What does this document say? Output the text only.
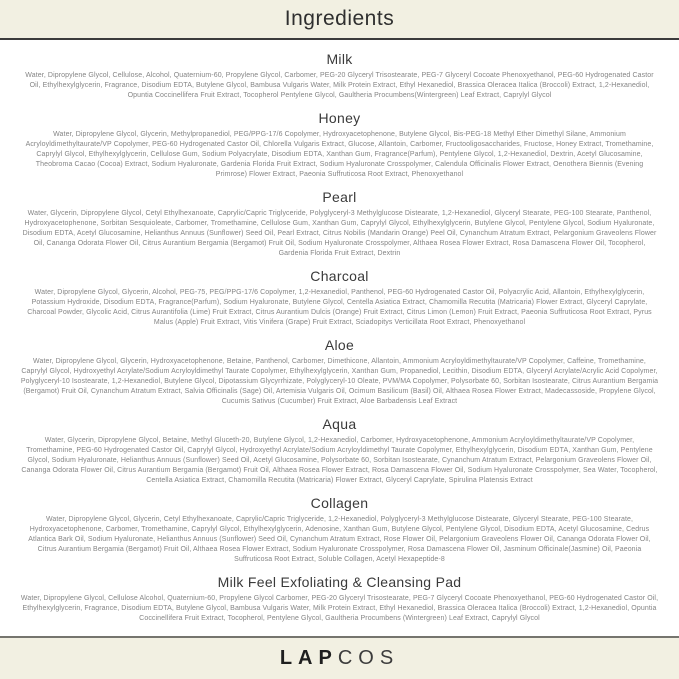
Ingredients
Milk

Water, Dipropylene Glycol, Cellulose, Alcohol, Quaternium-60, Propylene Glycol, Carbomer, PEG-20 Glyceryl Trisostearate, PEG-7 Glyceryl Cocoate Phenoxyethanol, PEG-60 Hydrogenated Castor Oil, Ethylhexylglycerin, Fragrance, Disodium EDTA, Butylene Glycol, Bambusa Vulgaris Water, Milk Protein Extract, Ethyl Hexanediol, Brassica Oleracea Italica (Broccoli) Extract, 1,2-Hexanediol, Opuntia Coccinellifera Fruit Extract, Tocopherol Pentylene Glycol, Gaultheria Procumbens(Wintergreen) Leaf Extract, Caprylyl Glycol

Honey

Water, Dipropylene Glycol, Glycerin, Methylpropanediol, PEG/PPG-17/6 Copolymer, Hydroxyacetophenone, Butylene Glycol, Bis-PEG-18 Methyl Ether Dimethyl Silane, Ammonium Acryloyldimethyltaurate/VP Copolymer, PEG-60 Hydrogenated Castor Oil, Chlorella Vulgaris Extract, Glucose, Allantoin, Carbomer, Fructooligosaccharides, Fructose, Honey Extract, Tromethamine, Caprylyl Glycol, Ethylhexylglycerin, Cellulose Gum, Sodium Polyacrylate, Disodium EDTA, Xanthan Gum, Fragrance(Parfum), Pentylene Glycol, 1,2-Hexanediol, Dextrin, Acetyl Glucosamine, Theobroma Cacao (Cocoa) Extract, Sodium Hyaluronate, Gardenia Florida Fruit Extract, Sodium Hyaluronate Crosspolymer, Calendula Officinalis Flower Extract, Oenothera Biennis (Evening Primrose) Flower Extract, Paeonia Suffruticosa Root Extract, Phenoxyethanol

Pearl

Water, Glycerin, Dipropylene Glycol, Cetyl Ethylhexanoate, Caprylic/Capric Triglyceride, Polyglyceryl-3 Methylglucose Distearate, 1,2-Hexanediol, Glyceryl Stearate, PEG-100 Stearate, Panthenol, Hydroxyacetophenone, Sorbitan Sesquioleate, Carbomer, Tromethamine, Cellulose Gum, Xanthan Gum, Caprylyl Glycol, Ethylhexylglycerin, Butylene Glycol, Pentylene Glycol, Sodium Hyaluronate, Disodium EDTA, Acetyl Glucosamine, Helianthus Annuus (Sunflower) Seed Oil, Pearl Extract, Citrus Nobilis (Mandarin Orange) Peel Oil, Cynanchum Atratum Extract, Pelargonium Graveolens Flower Oil, Cananga Odorata Flower Oil, Citrus Aurantium Bergamia (Bergamot) Fruit Oil, Sodium Hyaluronate Crosspolymer, Althaea Rosea Flower Extract, Rosa Damascena Flower Oil, Tocopherol, Gardenia Florida Fruit Extract, Dextrin

Charcoal

Water, Dipropylene Glycol, Glycerin, Alcohol, PEG-75, PEG/PPG-17/6 Copolymer, 1,2-Hexanediol, Panthenol, PEG-60 Hydrogenated Castor Oil, Polyacrylic Acid, Allantoin, Ethylhexylglycerin, Potassium Hydroxide, Disodium EDTA, Fragrance(Parfum), Sodium Hyaluronate, Butylene Glycol, Centella Asiatica Extract, Chamomilla Recutita (Matricaria) Flower Extract, Glyceryl Caprylate, Charcoal Powder, Glycolic Acid, Citrus Aurantifolia (Lime) Fruit Extract, Citrus Aurantium Dulcis (Orange) Fruit Extract, Citrus Limon (Lemon) Fruit Extract, Paeonia Suffruticosa Root Extract, Pyrus Malus (Apple) Fruit Extract, Vitis Vinifera (Grape) Fruit Extract, Sciadopitys Verticillata Root Extract, Phenoxyethanol

Aloe

Water, Dipropylene Glycol, Glycerin, Hydroxyacetophenone, Betaine, Panthenol, Carbomer, Dimethicone, Allantoin, Ammonium Acryloyldimethyltaurate/VP Copolymer, Caffeine, Tromethamine, Caprylyl Glycol, Hydroxyethyl Acrylate/Sodium Acryloyldimethyl Taurate Copolymer, Ethylhexylglycerin, Xanthan Gum, Propanediol, Lecithin, Disodium EDTA, Glyceryl Acrylate/Acrylic Acid Copolymer, Polyglyceryl-10 Isostearate, 1,2-Hexanediol, Butylene Glycol, Dipotassium Glycyrrhizate, Polyglyceryl-10 Oleate, PVM/MA Copolymer, Polysorbate 60, Sorbitan Isostearate, Citrus Aurantium Bergamia (Bergamot) Fruit Oil, Cynanchum Atratum Extract, Salvia Officinalis (Sage) Oil, Artemisia Vulgaris Oil, Ocimum Basilicum (Basil) Oil, Althaea Rosea Flower Extract, Madecassoside, Propylene Glycol, Cucumis Sativus (Cucumber) Fruit Extract, Aloe Barbadensis Leaf Extract

Aqua

Water, Glycerin, Dipropylene Glycol, Betaine, Methyl Gluceth-20, Butylene Glycol, 1,2-Hexanediol, Carbomer, Hydroxyacetophenone, Ammonium Acryloyldimethyltaurate/VP Copolymer, Tromethamine, PEG-60 Hydrogenated Castor Oil, Caprylyl Glycol, Hydroxyethyl Acrylate/Sodium Acryloyldimethyl Taurate Copolymer, Ethylhexylglycerin, Disodium EDTA, Xanthan Gum, Pentylene Glycol, Sodium Hyaluronate, Helianthus Annuus (Sunflower) Seed Oil, Acetyl Glucosamine, Polysorbate 60, Sorbitan Isostearate, Cynanchum Atratum Extract, Pelargonium Graveolens Flower Oil, Cananga Odorata Flower Oil, Citrus Aurantium Bergamia (Bergamot) Fruit Oil, Althaea Rosea Flower Extract, Rosa Damascena Flower Oil, Sodium Hyaluronate Crosspolymer, Sea Water, Tocopherol, Centella Asiatica Extract, Chamomilla Recutita (Matricaria) Flower Extract, Glyceryl Caprylate, Spirulina Platensis Extract

Collagen

Water, Dipropylene Glycol, Glycerin, Cetyl Ethylhexanoate, Caprylic/Capric Triglyceride, 1,2-Hexanediol, Polyglyceryl-3 Methylglucose Distearate, Glyceryl Stearate, PEG-100 Stearate, Hydroxyacetophenone, Carbomer, Tromethamine, Caprylyl Glycol, Ethylhexylglycerin, Adenosine, Xanthan Gum, Butylene Glycol, Pentylene Glycol, Disodium EDTA, Acetyl Glucosamine, Cedrus Atlantica Bark Oil, Sodium Hyaluronate, Helianthus Annuus (Sunflower) Seed Oil, Cynanchum Atratum Extract, Rose Flower Oil, Pelargonium Graveolens Flower Oil, Cananga Odorata Flower Oil, Citrus Aurantium Bergamia (Bergamot) Fruit Oil, Althaea Rosea Flower Extract, Sodium Hyaluronate Crosspolymer, Rosa Damascena Flower Oil, Jasminum Officinale(Jasmine) Oil, Paeonia Suffruticosa Root Extract, Soluble Collagen, Acetyl Hexapeptide-8

Milk Feel Exfoliating & Cleansing Pad

Water, Dipropylene Glycol, Cellulose Alcohol, Quaternium-60, Propylene Glycol Carbomer, PEG-20 Glyceryl Trisostearate, PEG-7 Glyceryl Cocoate Phenoxyethanol, PEG-60 Hydrogenated Castor Oil, Ethylhexylglycerin, Fragrance, Disodium EDTA, Butylene Glycol, Bambusa Vulgaris Water, Milk Protein Extract, Ethyl Hexanediol, Brassica Oleracea Italica (Broccoli) Extract, 1,2-Hexanediol, Opuntia Coccinellifera Fruit Extract, Tocopherol, Pentylene Glycol, Gaultheria Procumbens (Wintergreen) Leaf Extract, Caprylyl Glycol

LAP COS
